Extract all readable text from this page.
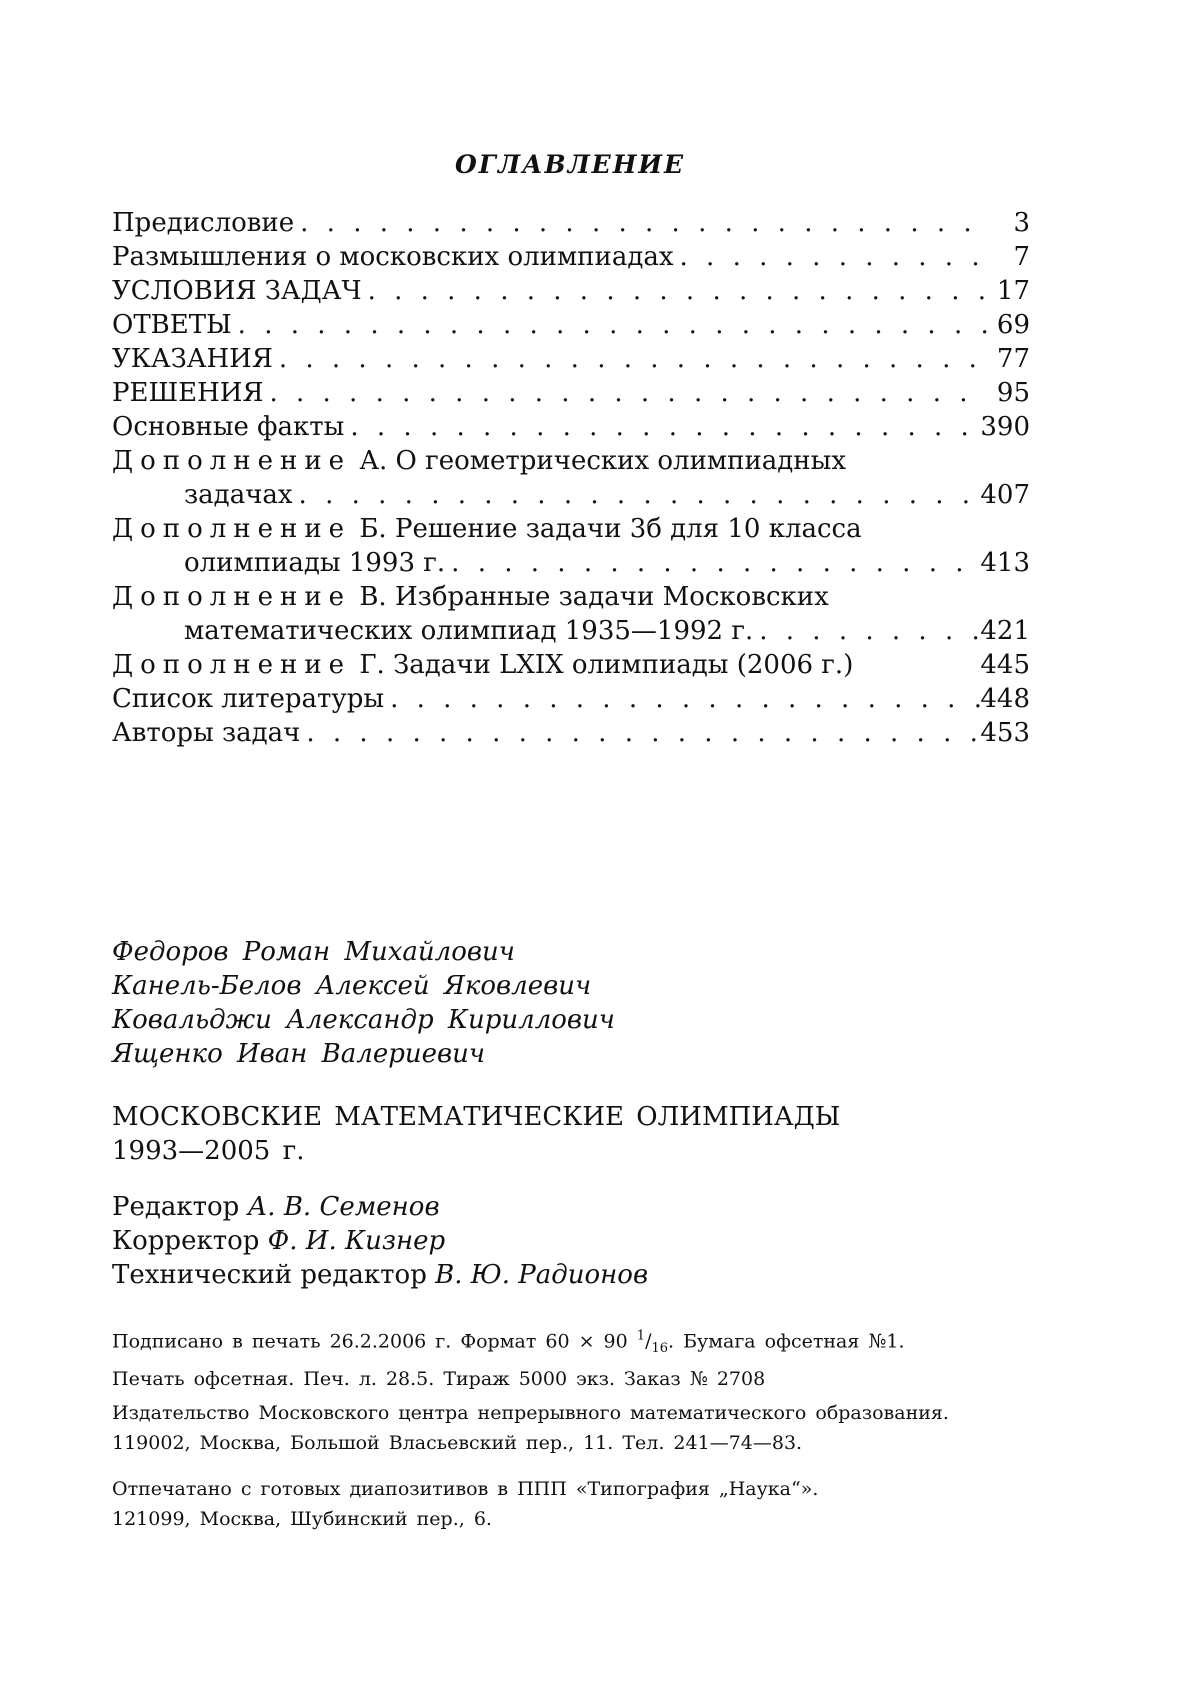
ОГЛАВЛЕНИЕ
Предисловие . . .	3
Размышления о московских олимпиадах . . .	7
УСЛОВИЯ ЗАДАЧ . . .	17
ОТВЕТЫ . . .	69
УКАЗАНИЯ . . .	77
РЕШЕНИЯ . . .	95
Основные факты . . .	390
Дополнение А. О геометрических олимпиадных
задачах . . .	407
Дополнение Б. Решение задачи 3б для 10 класса
олимпиады 1993 г. . . .	413
Дополнение В. Избранные задачи Московских
математических олимпиад 1935—1992 г. . . .	421
Дополнение Г. Задачи LXIX олимпиады (2006 г.)	445
Список литературы . . .	448
Авторы задач . . .	453
Федоров Роман Михайлович
Канель-Белов Алексей Яковлевич
Ковальджи Александр Кириллович
Ященко Иван Валериевич
МОСКОВСКИЕ МАТЕМАТИЧЕСКИЕ ОЛИМПИАДЫ
1993—2005 г.
Редактор А. В. Семенов
Корректор Ф. И. Кизнер
Технический редактор В. Ю. Радионов
Подписано в печать 26.2.2006 г. Формат 60 × 90 $^1/_{16}$. Бумага офсетная №1.
Печать офсетная. Печ. л. 28.5. Тираж 5000 экз. Заказ № 2708
Издательство Московского центра непрерывного математического образования.
119002, Москва, Большой Власьевский пер., 11. Тел. 241—74—83.
Отпечатано с готовых диапозитивов в ППП «Типография „Наука“».
121099, Москва, Шубинский пер., 6.
